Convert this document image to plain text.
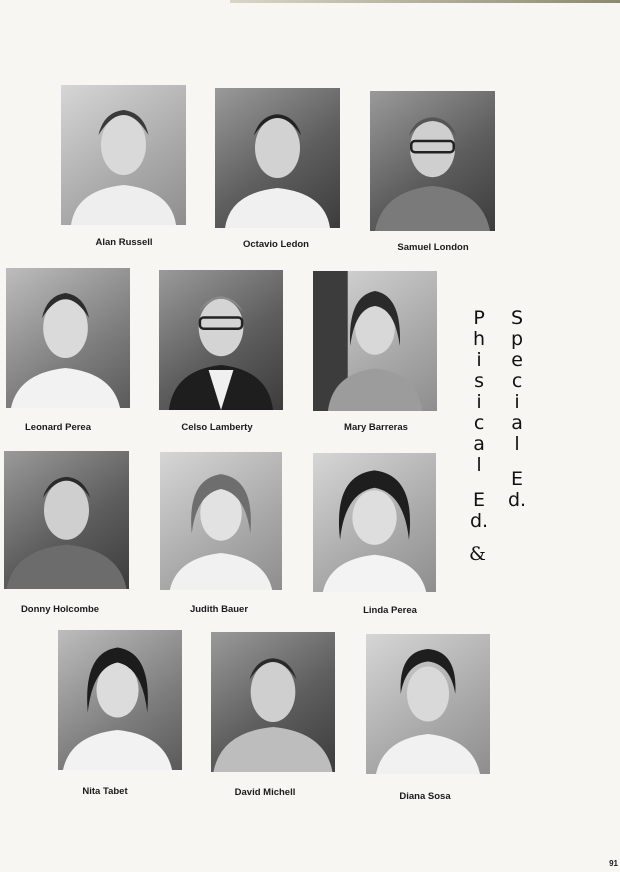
Alan Russell	Octavio Ledon	Samuel London
Leonard Perea	Celso Lamberty	Mary Barreras
Donny Holcombe	Judith Bauer	Linda Perea
Nita Tabet	David Michell	Diana Sosa
P
h
i
s
i
c
a
l
E
d.
S
p
e
c
i
a
l
E
d.
&
91
